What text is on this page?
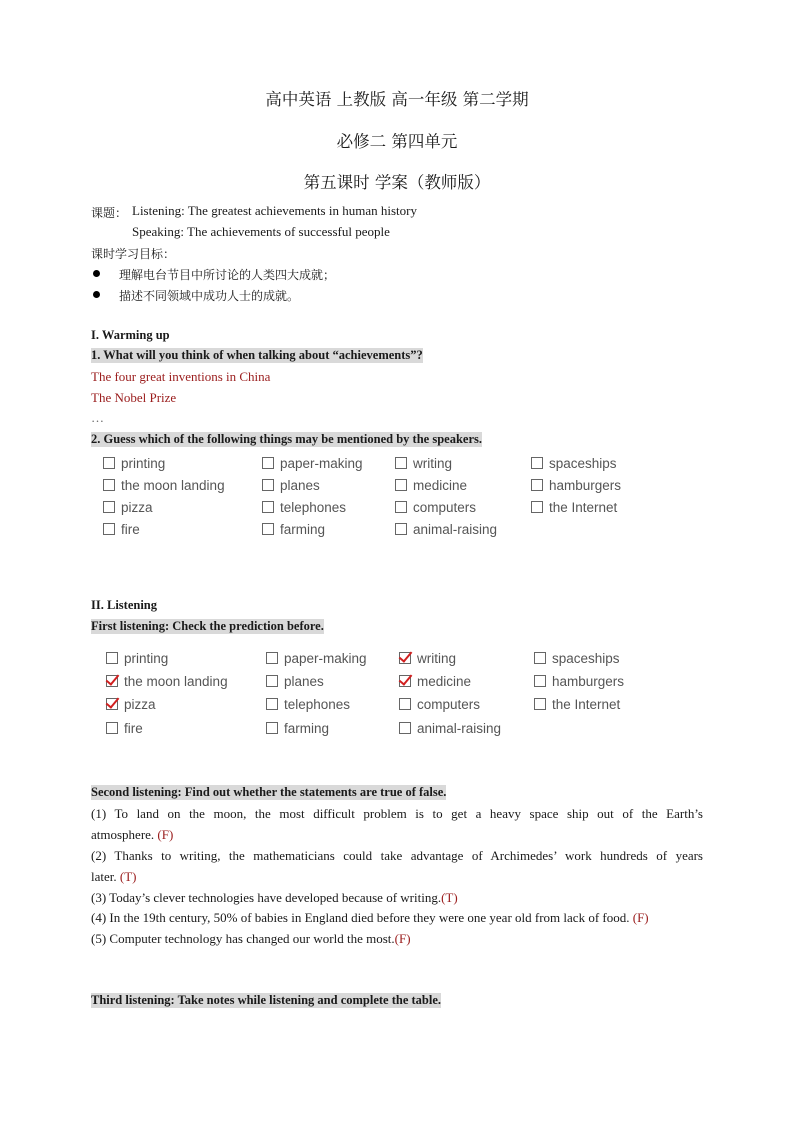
高中英语 上教版 高一年级 第二学期
必修二 第四单元
第五课时 学案（教师版）
课题： Listening: The greatest achievements in human history
Speaking: The achievements of successful people
课时学习目标：
理解电台节目中所讨论的人类四大成就；
描述不同领域中成功人士的成就。
I. Warming up
1. What will you think of when talking about “achievements”?
The four great inventions in China
The Nobel Prize
…
2. Guess which of the following things may be mentioned by the speakers.
printing	paper-making	writing	spaceships
the moon landing	planes	medicine	hamburgers
pizza	telephones	computers	the Internet
fire	farming	animal-raising
II. Listening
First listening: Check the prediction before.
printing	paper-making	writing	spaceships
the moon landing	planes	medicine	hamburgers
pizza	telephones	computers	the Internet
fire	farming	animal-raising
Second listening: Find out whether the statements are true of false.
(1) To land on the moon, the most difficult problem is to get a heavy space ship out of the Earth’s
atmosphere. (F)
(2) Thanks to writing, the mathematicians could take advantage of Archimedes’ work hundreds of years
later. (T)
(3) Today’s clever technologies have developed because of writing.(T)
(4) In the 19th century, 50% of babies in England died before they were one year old from lack of food. (F)
(5) Computer technology has changed our world the most.(F)
Third listening: Take notes while listening and complete the table.
